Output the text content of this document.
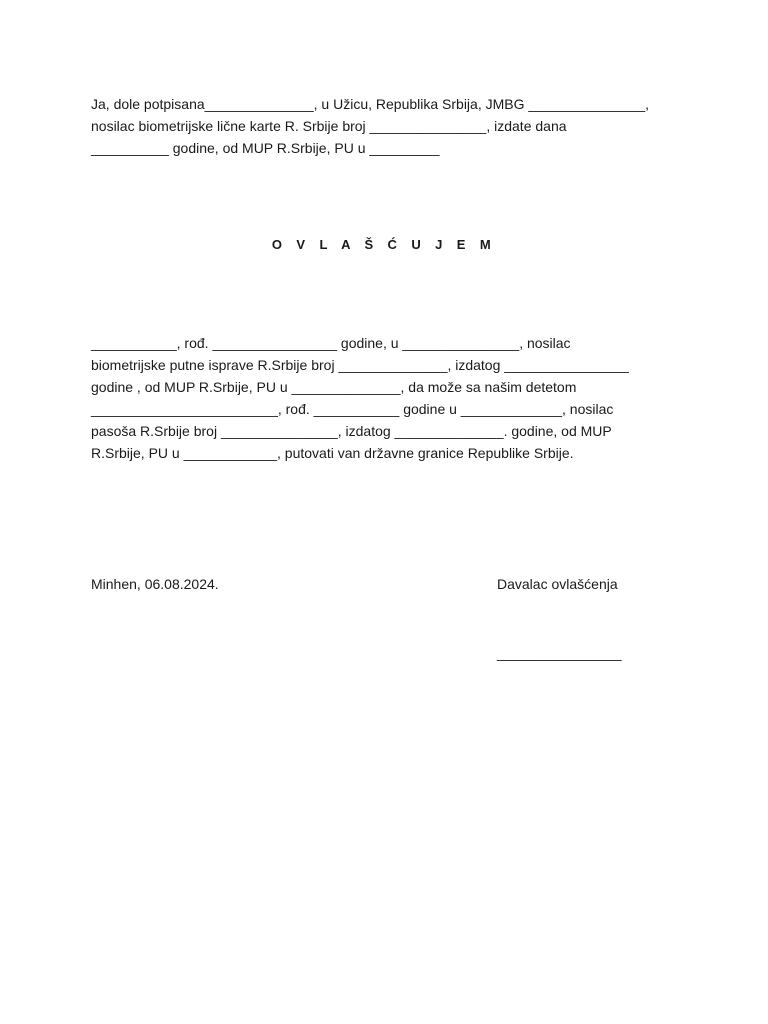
Ja, dole potpisana______________, u Užicu, Republika Srbija, JMBG _______________,
nosilac biometrijske lične karte R. Srbije broj _______________, izdate dana
__________ godine, od MUP R.Srbije, PU u _________
O V L A Š Ć U J E M
___________, rođ. ________________ godine, u _______________, nosilac
biometrijske putne isprave R.Srbije broj ______________, izdatog ________________
godine , od MUP R.Srbije, PU u ______________, da može sa našim detetom
________________________, rođ. ___________ godine u _____________, nosilac
pasoša R.Srbije broj _______________, izdatog ______________. godine, od MUP
R.Srbije, PU u ____________, putovati van državne granice Republike Srbije.
Minhen, 06.08.2024.	Davalac ovlašćenja
________________
